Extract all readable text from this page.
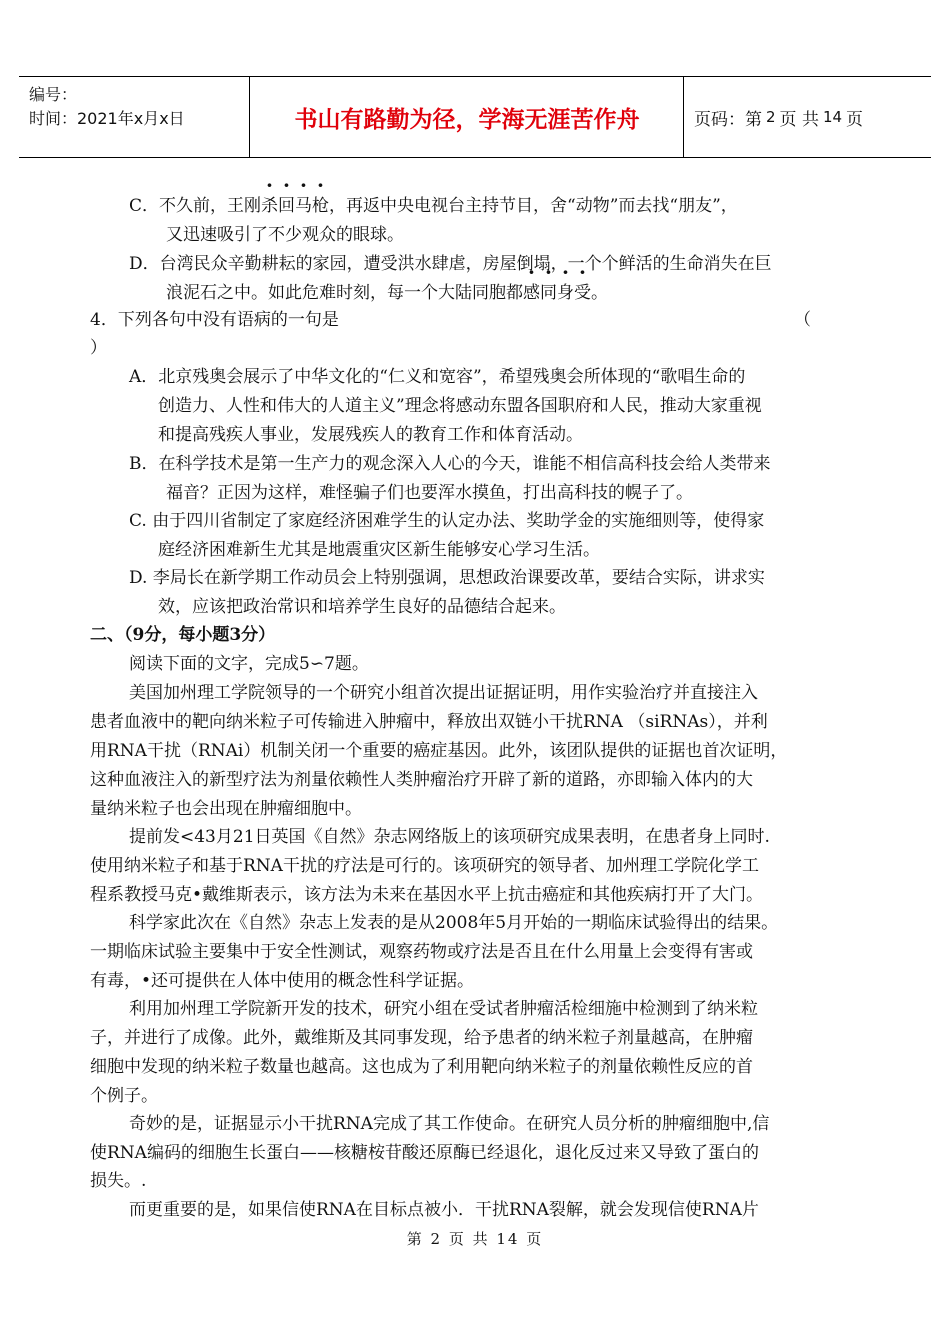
编号：
时间：2021年x月x日	书山有路勤为径，学海无涯苦作舟	页码：第 2 页 共 14 页
C．不久前，王刚杀回马枪，再返中央电视台主持节目，舍“动物”而去找“朋友”，
又迅速吸引了不少观众的眼球。
D．台湾民众辛勤耕耘的家园，遭受洪水肆虐，房屋倒塌，一个个鲜活的生命消失在巨
浪泥石之中。如此危难时刻，每一个大陆同胞都感同身受。
4．下列各句中没有语病的一句是	（
）
A．北京残奥会展示了中华文化的“仁义和宽容”，希望残奥会所体现的“歌唱生命的
创造力、人性和伟大的人道主义”理念将感动东盟各国职府和人民，推动大家重视
和提高残疾人事业，发展残疾人的教育工作和体育活动。
B．在科学技术是第一生产力的观念深入人心的今天，谁能不相信高科技会给人类带来
福音？正因为这样，难怪骗子们也要浑水摸鱼，打出高科技的幌子了。
C. 由于四川省制定了家庭经济困难学生的认定办法、奖助学金的实施细则等，使得家
庭经济困难新生尤其是地震重灾区新生能够安心学习生活。
D. 李局长在新学期工作动员会上特别强调，思想政治课要改革，要结合实际，讲求实
效，应该把政治常识和培养学生良好的品德结合起来。
二、（9分，每小题3分）
阅读下面的文字，完成5∽7题。
美国加州理工学院领导的一个研究小组首次提出证据证明，用作实验治疗并直接注入
患者血液中的靶向纳米粒子可传输进入肿瘤中，释放出双链小干扰RNA （siRNAs），并利
用RNA干扰（RNAi）机制关闭一个重要的癌症基因。此外，该团队提供的证据也首次证明，
这种血液注入的新型疗法为剂量依赖性人类肿瘤治疗开辟了新的道路，亦即输入体内的大
量纳米粒子也会出现在肿瘤细胞中。
提前发<43月21日英国《自然》杂志网络版上的该项研究成果表明，在患者身上同时.
使用纳米粒子和基于RNA干扰的疗法是可行的。该项研究的领导者、加州理工学院化学工
程系教授马克•戴维斯表示，该方法为未来在基因水平上抗击癌症和其他疾病打开了大门。
科学家此次在《自然》杂志上发表的是从2008年5月开始的一期临床试验得出的结果。
一期临床试验主要集中于安全性测试，观察药物或疗法是否且在什么用量上会变得有害或
有毒，•还可提供在人体中使用的概念性科学证据。
利用加州理工学院新开发的技术，研究小组在受试者肿瘤活检细施中检测到了纳米粒
子，并进行了成像。此外，戴维斯及其同事发现，给予患者的纳米粒子剂量越高，在肿瘤
细胞中发现的纳米粒子数量也越高。这也成为了利用靶向纳米粒子的剂量依赖性反应的首
个例子。
奇妙的是，证据显示小干扰RNA完成了其工作使命。在研究人员分析的肿瘤细胞中,信
使RNA编码的细胞生长蛋白——核糖桉苷酸还原酶已经退化，退化反过来又导致了蛋白的
损失。.
而更重要的是，如果信使RNA在目标点被小．干扰RNA裂解，就会发现信使RNA片
第 2 页 共 14 页
